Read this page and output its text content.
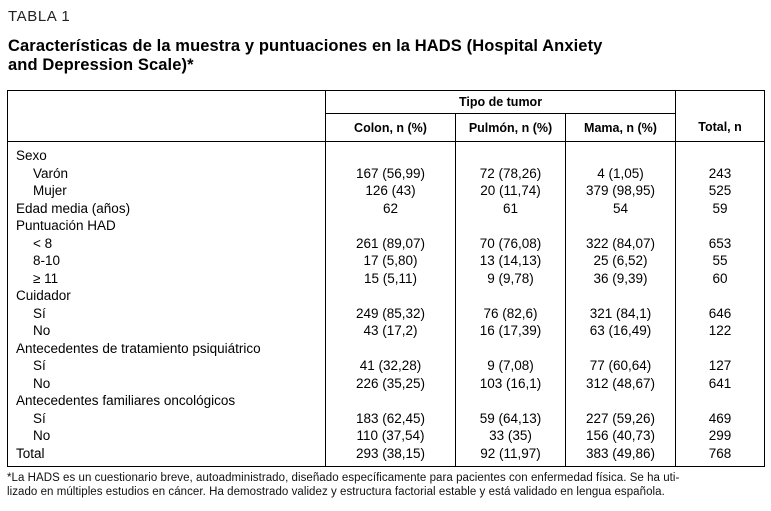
TABLA 1
Características de la muestra y puntuaciones en la HADS (Hospital Anxiety
and Depression Scale)*
	Tipo de tumor			Total, n
	Colon, n (%)	Pulmón, n (%)	Mama, n (%)	
Sexo				
Varón	167 (56,99)	72 (78,26)	4 (1,05)	243
Mujer	126 (43)	20 (11,74)	379 (98,95)	525
Edad media (años)	62	61	54	59
Puntuación HAD				
< 8	261 (89,07)	70 (76,08)	322 (84,07)	653
8-10	17 (5,80)	13 (14,13)	25 (6,52)	55
≥ 11	15 (5,11)	9 (9,78)	36 (9,39)	60
Cuidador				
Sí	249 (85,32)	76 (82,6)	321 (84,1)	646
No	43 (17,2)	16 (17,39)	63 (16,49)	122
Antecedentes de tratamiento psiquiátrico				
Sí	41 (32,28)	9 (7,08)	77 (60,64)	127
No	226 (35,25)	103 (16,1)	312 (48,67)	641
Antecedentes familiares oncológicos				
Sí	183 (62,45)	59 (64,13)	227 (59,26)	469
No	110 (37,54)	33 (35)	156 (40,73)	299
Total	293 (38,15)	92 (11,97)	383 (49,86)	768
*La HADS es un cuestionario breve, autoadministrado, diseñado específicamente para pacientes con enfermedad física. Se ha uti-
lizado en múltiples estudios en cáncer. Ha demostrado validez y estructura factorial estable y está validado en lengua española.
